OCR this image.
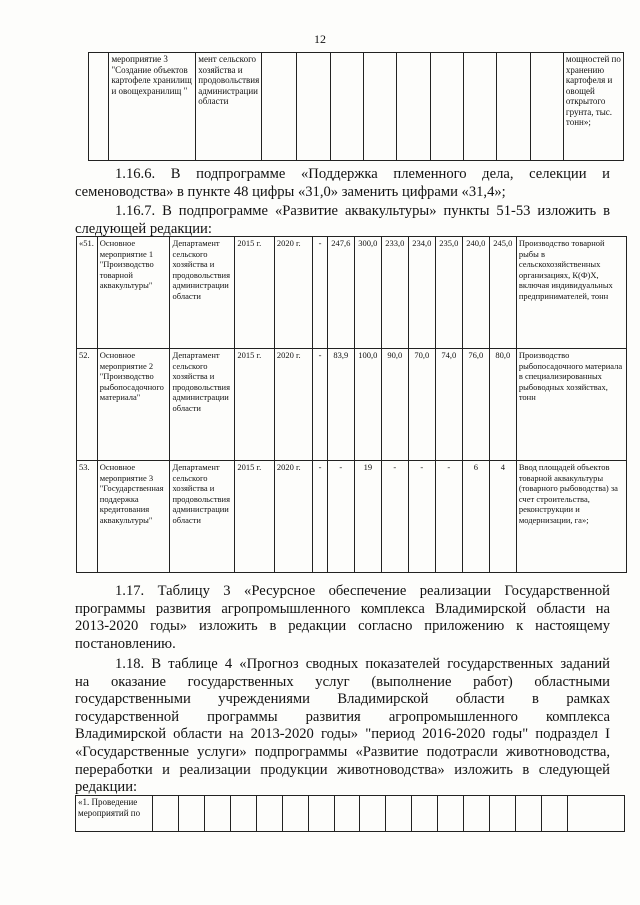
12
	мероприятие 3 "Создание объектов картофеле хранилищ и овощехранилищ "	мент сельского хозяйства и продовольствия администрации области										мощностей по хранению картофеля и овощей открытого грунта, тыс. тонн»;
1.16.6. В подпрограмме «Поддержка племенного дела, селекции и
семеноводства» в пункте 48 цифры «31,0» заменить цифрами «31,4»;
1.16.7. В подпрограмме «Развитие аквакультуры» пункты 51-53 изложить в
следующей редакции:
«51.	Основное мероприятие 1 "Производство товарной аквакультуры"	Департамент сельского хозяйства и продовольствия администрации области	2015 г.	2020 г.	-	247,6	300,0	233,0	234,0	235,0	240,0	245,0	Производство товарной рыбы в сельскохозяйственных организациях, К(Ф)Х, включая индивидуальных предпринимателей, тонн
52.	Основное мероприятие 2 "Производство рыбопосадочного материала"	Департамент сельского хозяйства и продовольствия администрации области	2015 г.	2020 г.	-	83,9	100,0	90,0	70,0	74,0	76,0	80,0	Производство рыбопосадочного материала в специализированных рыбоводных хозяйствах, тонн
53.	Основное мероприятие 3 "Государственная поддержка кредитования аквакультуры"	Департамент сельского хозяйства и продовольствия администрации области	2015 г.	2020 г.	-	-	19	-	-	-	6	4	Ввод площадей объектов товарной аквакультуры (товарного рыбоводства) за счет строительства, реконструкции и модернизации, га»;
1.17. Таблицу 3 «Ресурсное обеспечение реализации Государственной
программы развития агропромышленного комплекса Владимирской области на
2013-2020 годы» изложить в редакции согласно приложению к настоящему
постановлению.
1.18. В таблице 4 «Прогноз сводных показателей государственных заданий
на оказание государственных услуг (выполнение работ) областными
государственными учреждениями Владимирской области в рамках
государственной программы развития агропромышленного комплекса
Владимирской области на 2013-2020 годы» "период 2016-2020 годы" подраздел I
«Государственные услуги» подпрограммы «Развитие подотрасли животноводства,
переработки и реализации продукции животноводства» изложить в следующей
редакции:
«1. Проведение мероприятий по																	
